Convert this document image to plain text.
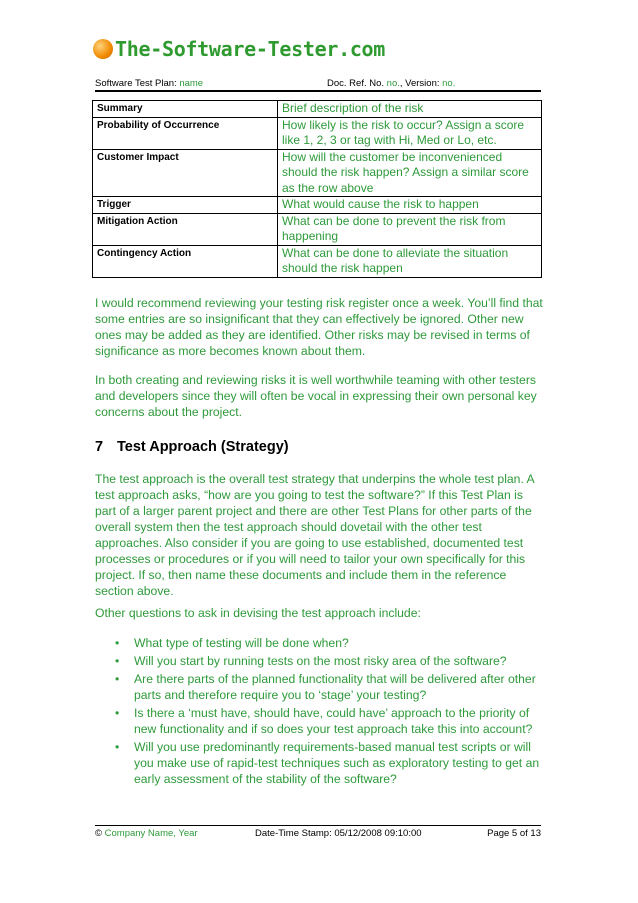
The-Software-Tester.com
Software Test Plan: name	Doc. Ref. No. no., Version: no.
Summary	Brief description of the risk
Probability of Occurrence	How likely is the risk to occur? Assign a score like 1, 2, 3 or tag with Hi, Med or Lo, etc.
Customer Impact	How will the customer be inconvenienced should the risk happen? Assign a similar score as the row above
Trigger	What would cause the risk to happen
Mitigation Action	What can be done to prevent the risk from happening
Contingency Action	What can be done to alleviate the situation should the risk happen
I would recommend reviewing your testing risk register once a week. You’ll find that some entries are so insignificant that they can effectively be ignored. Other new ones may be added as they are identified. Other risks may be revised in terms of significance as more becomes known about them.
In both creating and reviewing risks it is well worthwhile teaming with other testers and developers since they will often be vocal in expressing their own personal key concerns about the project.
7 Test Approach (Strategy)
The test approach is the overall test strategy that underpins the whole test plan. A test approach asks, “how are you going to test the software?” If this Test Plan is part of a larger parent project and there are other Test Plans for other parts of the overall system then the test approach should dovetail with the other test approaches. Also consider if you are going to use established, documented test processes or procedures or if you will need to tailor your own specifically for this project. If so, then name these documents and include them in the reference section above.
Other questions to ask in devising the test approach include:
• What type of testing will be done when?
• Will you start by running tests on the most risky area of the software?
• Are there parts of the planned functionality that will be delivered after other parts and therefore require you to ‘stage’ your testing?
• Is there a ‘must have, should have, could have’ approach to the priority of new functionality and if so does your test approach take this into account?
• Will you use predominantly requirements-based manual test scripts or will you make use of rapid-test techniques such as exploratory testing to get an early assessment of the stability of the software?
© Company Name, Year	Date-Time Stamp: 05/12/2008 09:10:00	Page 5 of 13
